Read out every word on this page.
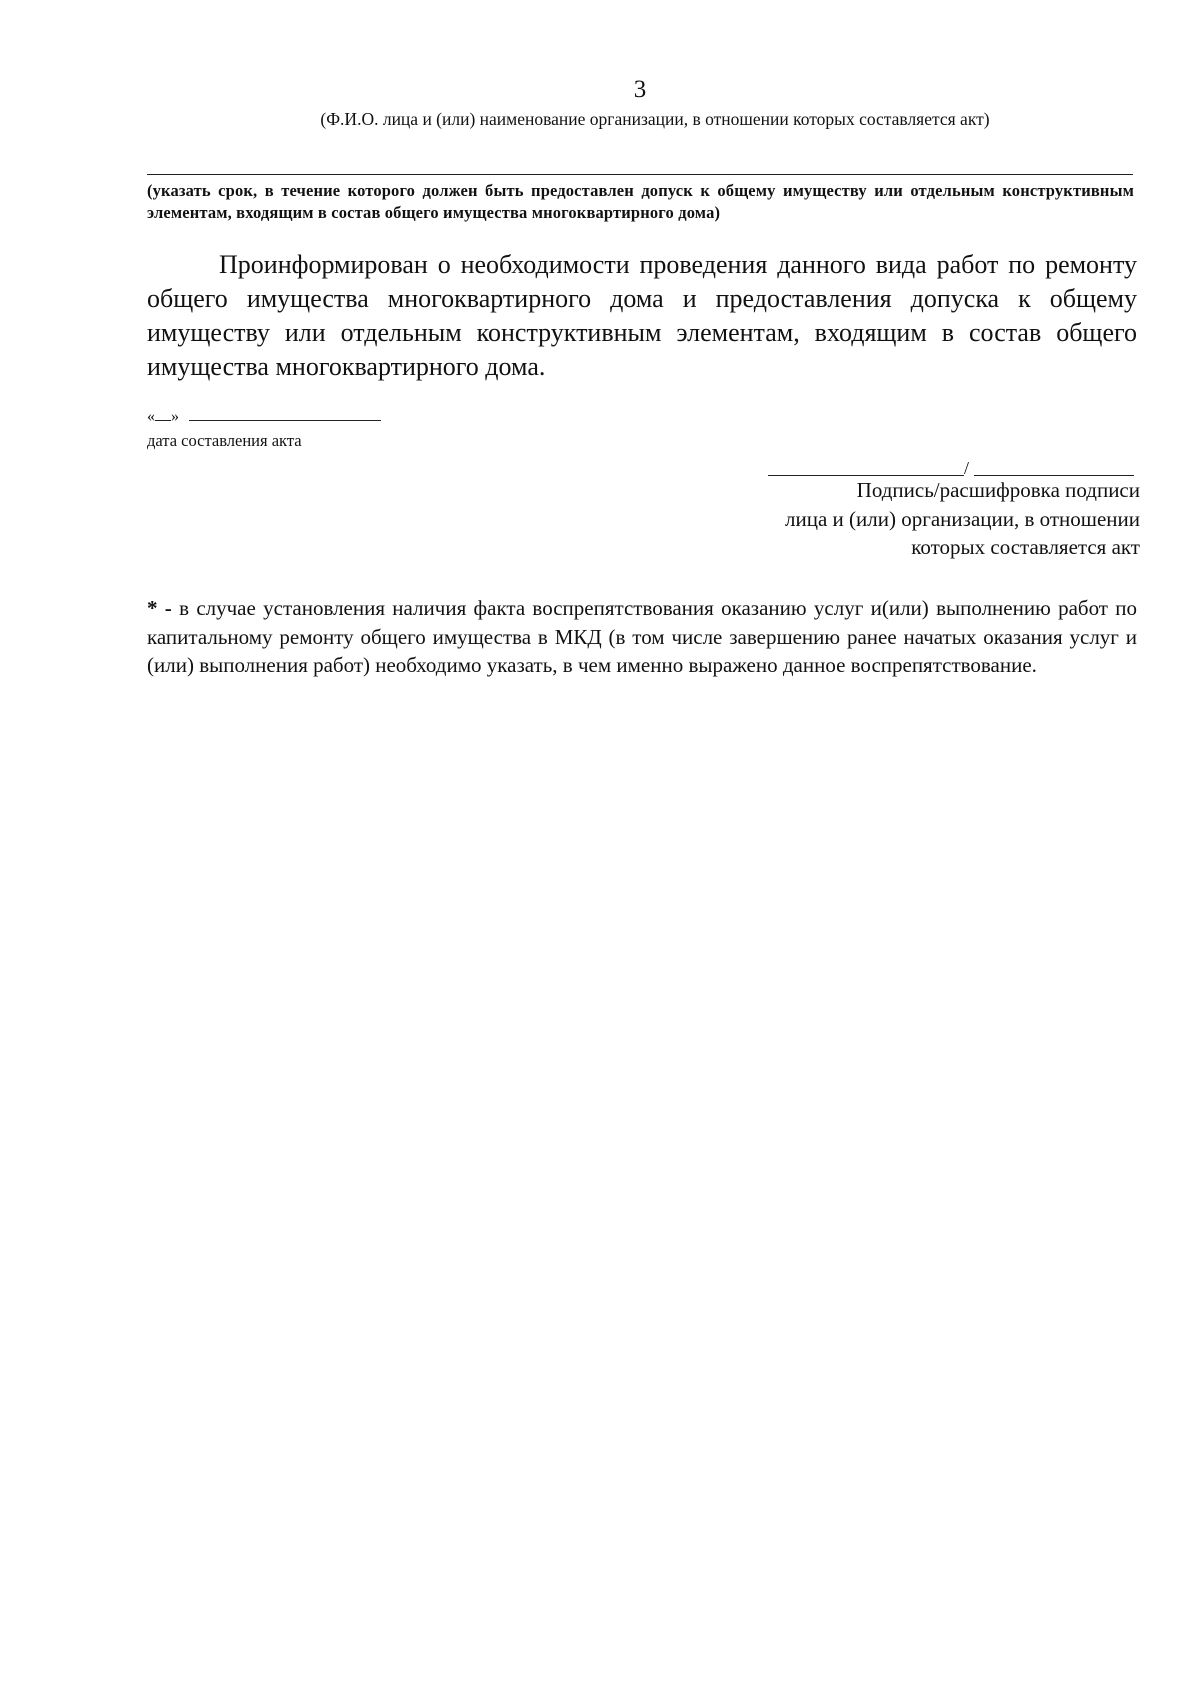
3
(Ф.И.О. лица и (или) наименование организации, в отношении которых составляется акт)
(указать срок, в течение которого должен быть предоставлен допуск к общему имуществу или отдельным конструктивным элементам, входящим в состав общего имущества многоквартирного дома)
Проинформирован о необходимости проведения данного вида работ по ремонту общего имущества многоквартирного дома и предоставления допуска к общему имуществу или отдельным конструктивным элементам, входящим в состав общего имущества многоквартирного дома.
« »
дата составления акта
/
Подпись/расшифровка подписи
лица и (или) организации, в отношении
которых составляется акт
* - в случае установления наличия факта воспрепятствования оказанию услуг и(или) выполнению работ по капитальному ремонту общего имущества в МКД (в том числе завершению ранее начатых оказания услуг и (или) выполнения работ) необходимо указать, в чем именно выражено данное воспрепятствование.
